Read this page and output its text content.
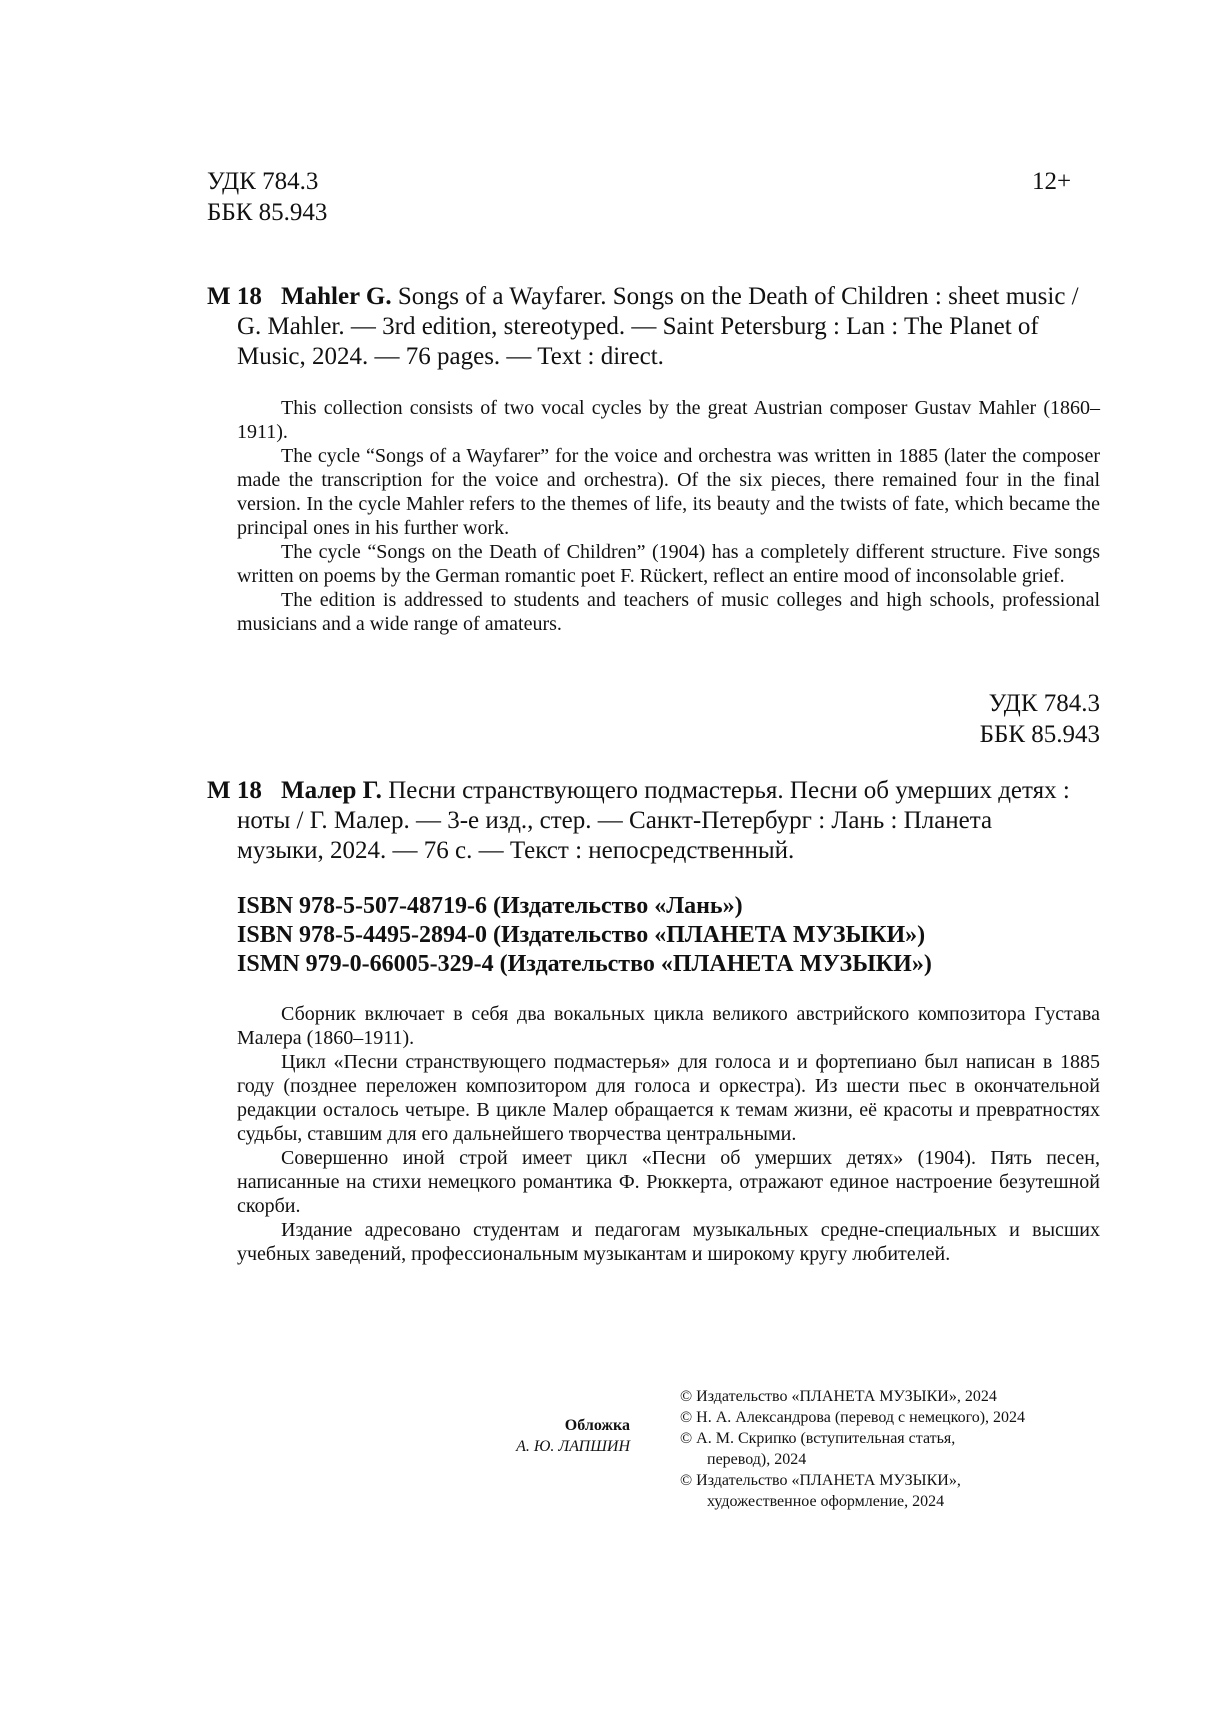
УДК 784.3
ББК 85.943
12+
М 18 Mahler G. Songs of a Wayfarer. Songs on the Death of Children : sheet music /
G. Mahler. — 3rd edition, stereotyped. — Saint Petersburg : Lan : The Planet of
Music, 2024. — 76 pages. — Text : direct.

This collection consists of two vocal cycles by the great Austrian composer Gustav Mahler (1860–1911).

The cycle “Songs of a Wayfarer” for the voice and orchestra was written in 1885 (later the composer made the transcription for the voice and orchestra). Of the six pieces, there remained four in the final version. In the cycle Mahler refers to the themes of life, its beauty and the twists of fate, which became the principal ones in his further work.

The cycle “Songs on the Death of Children” (1904) has a completely different structure. Five songs written on poems by the German romantic poet F. Rückert, reflect an entire mood of inconsolable grief.

The edition is addressed to students and teachers of music colleges and high schools, professional musicians and a wide range of amateurs.

УДК 784.3
ББК 85.943
М 18 Малер Г. Песни странствующего подмастерья. Песни об умерших детях :
ноты / Г. Малер. — 3-е изд., стер. — Санкт-Петербург : Лань : Планета
музыки, 2024. — 76 с. — Текст : непосредственный.
ISBN 978-5-507-48719-6 (Издательство «Лань»)
ISBN 978-5-4495-2894-0 (Издательство «ПЛАНЕТА МУЗЫКИ»)
ISMN 979-0-66005-329-4 (Издательство «ПЛАНЕТА МУЗЫКИ»)

Сборник включает в себя два вокальных цикла великого австрийского композитора Густава Малера (1860–1911).

Цикл «Песни странствующего подмастерья» для голоса и и фортепиано был написан в 1885 году (позднее переложен композитором для голоса и оркестра). Из шести пьес в окончательной редакции осталось четыре. В цикле Малер обращается к темам жизни, её красоты и превратностях судьбы, ставшим для его дальнейшего творчества центральными.

Совершенно иной строй имеет цикл «Песни об умерших детях» (1904). Пять песен, написанные на стихи немецкого романтика Ф. Рюккерта, отражают единое настроение безутешной скорби.

Издание адресовано студентам и педагогам музыкальных средне-специальных и высших учебных заведений, профессиональным музыкантам и широкому кругу любителей.

Обложка
А. Ю. ЛАПШИН
© Издательство «ПЛАНЕТА МУЗЫКИ», 2024
© Н. А. Александрова (перевод с немецкого), 2024
© А. М. Скрипко (вступительная статья,
перевод), 2024
© Издательство «ПЛАНЕТА МУЗЫКИ»,
художественное оформление, 2024
